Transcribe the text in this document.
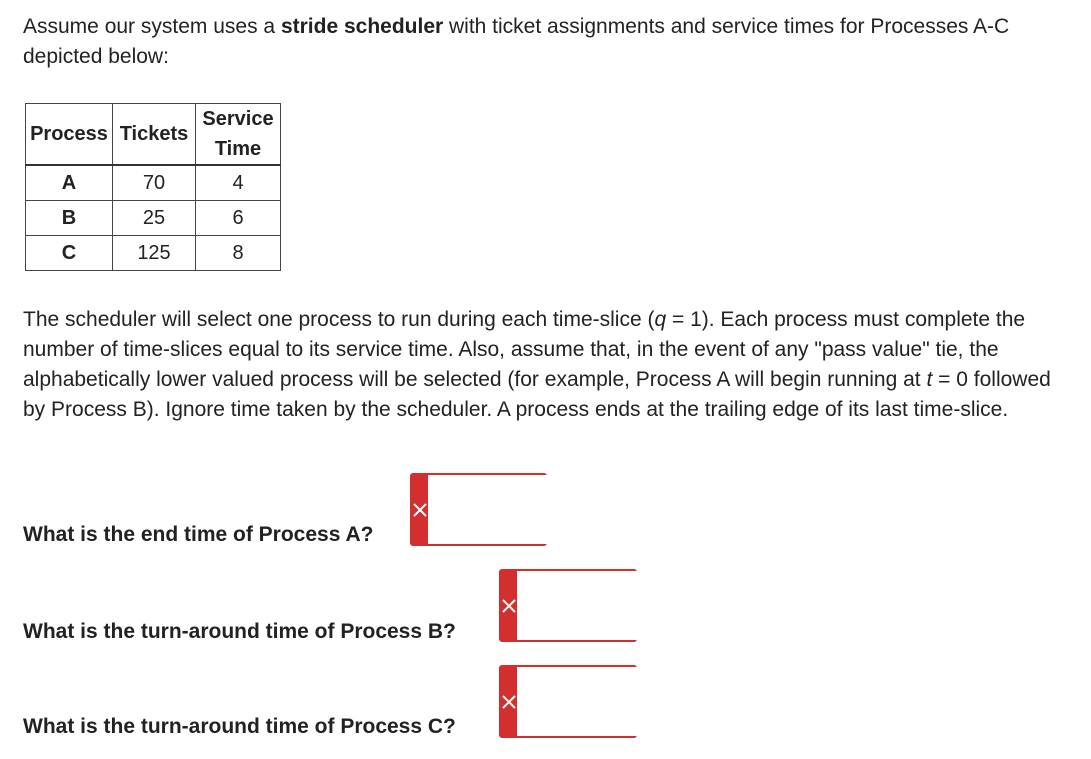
Assume our system uses a stride scheduler with ticket assignments and service times for Processes A-C depicted below:

Process	Tickets	Service Time
A	70	4
B	25	6
C	125	8

The scheduler will select one process to run during each time-slice (q = 1). Each process must complete the number of time-slices equal to its service time. Also, assume that, in the event of any "pass value" tie, the alphabetically lower valued process will be selected (for example, Process A will begin running at t = 0 followed by Process B). Ignore time taken by the scheduler. A process ends at the trailing edge of its last time-slice.

What is the end time of Process A?
What is the turn-around time of Process B?
What is the turn-around time of Process C?
